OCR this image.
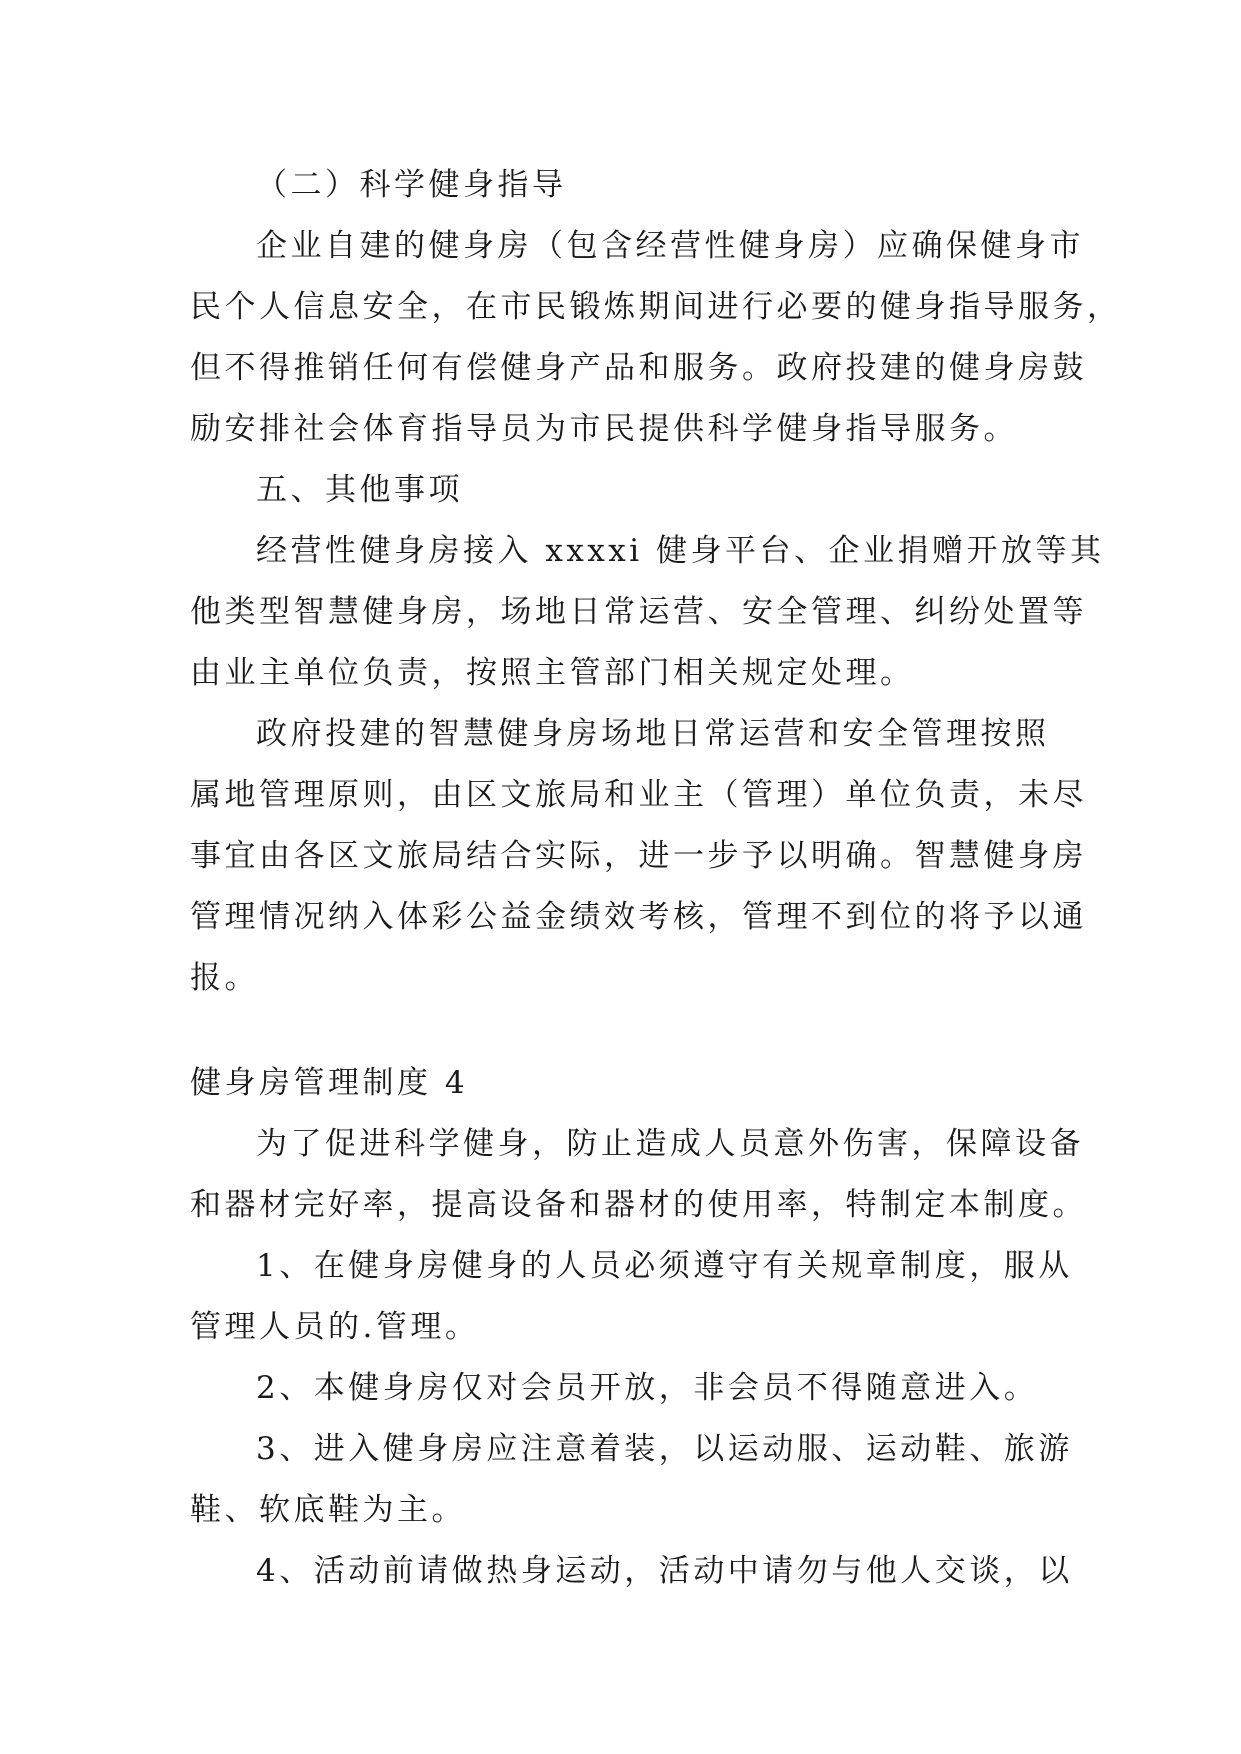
（二）科学健身指导
企业自建的健身房（包含经营性健身房）应确保健身市
民个人信息安全，在市民锻炼期间进行必要的健身指导服务，
但不得推销任何有偿健身产品和服务。政府投建的健身房鼓
励安排社会体育指导员为市民提供科学健身指导服务。
五、其他事项
经营性健身房接入 xxxxi 健身平台、企业捐赠开放等其
他类型智慧健身房，场地日常运营、安全管理、纠纷处置等
由业主单位负责，按照主管部门相关规定处理。
政府投建的智慧健身房场地日常运营和安全管理按照
属地管理原则，由区文旅局和业主（管理）单位负责，未尽
事宜由各区文旅局结合实际，进一步予以明确。智慧健身房
管理情况纳入体彩公益金绩效考核，管理不到位的将予以通
报。
健身房管理制度 4
为了促进科学健身，防止造成人员意外伤害，保障设备
和器材完好率，提高设备和器材的使用率，特制定本制度。
1、在健身房健身的人员必须遵守有关规章制度，服从
管理人员的.管理。
2、本健身房仅对会员开放，非会员不得随意进入。
3、进入健身房应注意着装，以运动服、运动鞋、旅游
鞋、软底鞋为主。
4、活动前请做热身运动，活动中请勿与他人交谈，以
